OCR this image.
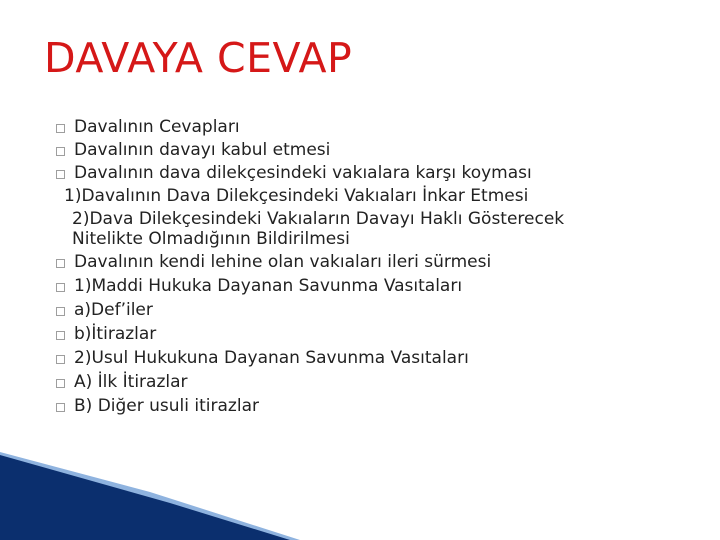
DAVAYA CEVAP
Davalının Cevapları
Davalının davayı kabul etmesi
Davalının dava dilekçesindeki vakıalara karşı koyması
1)Davalının Dava Dilekçesindeki Vakıaları İnkar Etmesi
2)Dava Dilekçesindeki Vakıaların Davayı Haklı Gösterecek
Nitelikte Olmadığının Bildirilmesi
Davalının kendi lehine olan vakıaları ileri sürmesi
1)Maddi Hukuka Dayanan Savunma Vasıtaları
a)Def’iler
b)İtirazlar
2)Usul Hukukuna Dayanan Savunma Vasıtaları
A) İlk İtirazlar
B) Diğer usuli itirazlar
